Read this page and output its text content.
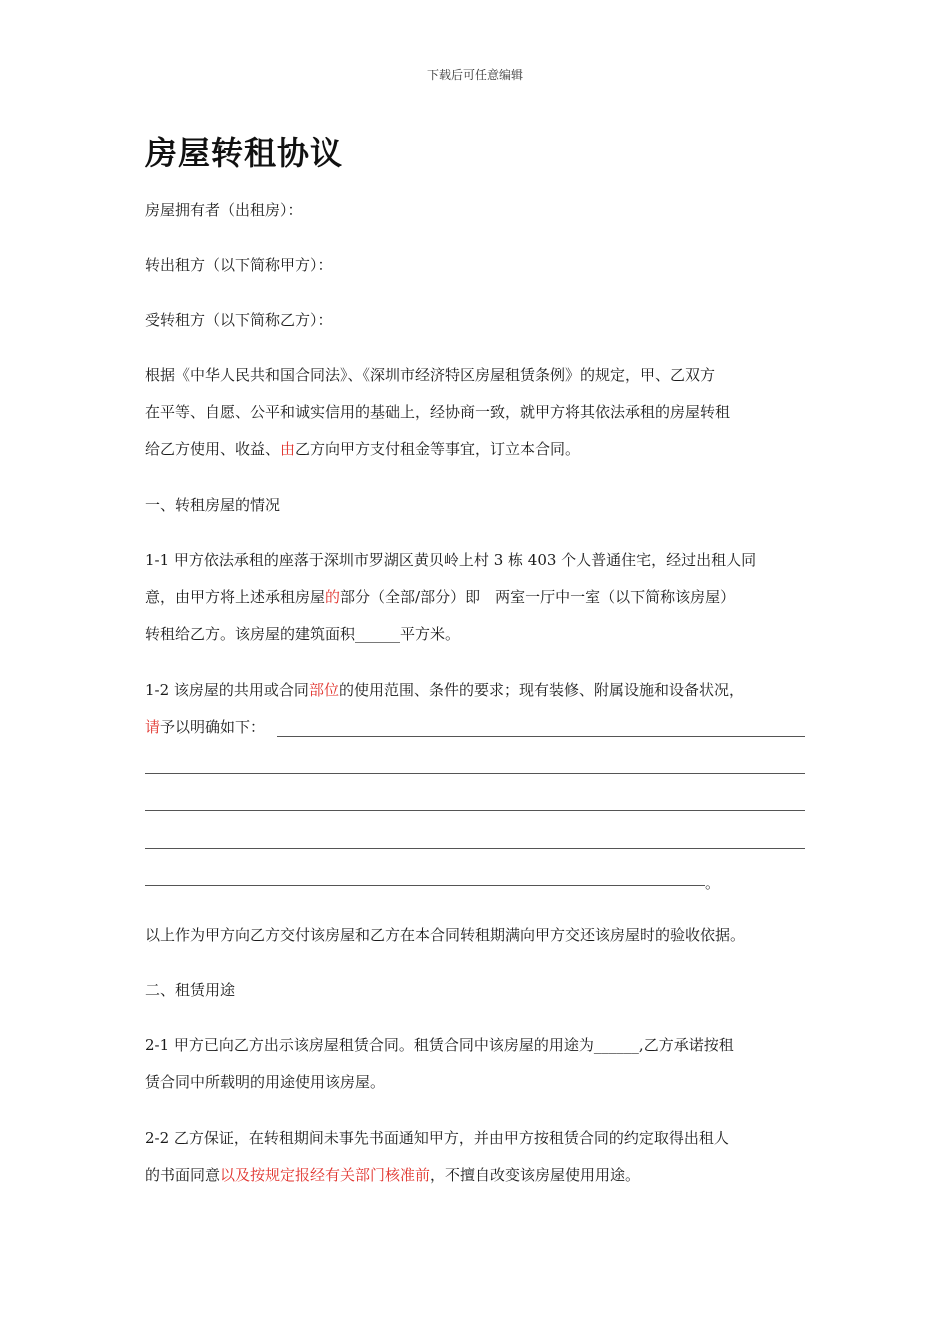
下载后可任意编辑
房屋转租协议
房屋拥有者（出租房）：
转出租方（以下简称甲方）：
受转租方（以下简称乙方）：
根据《中华人民共和国合同法》、《深圳市经济特区房屋租赁条例》的规定，甲、乙双方
在平等、自愿、公平和诚实信用的基础上，经协商一致，就甲方将其依法承租的房屋转租
给乙方使用、收益、由乙方向甲方支付租金等事宜，订立本合同。
一、转租房屋的情况
1-1 甲方依法承租的座落于深圳市罗湖区黄贝岭上村 3 栋 403 个人普通住宅，经过出租人同
意，由甲方将上述承租房屋的部分（全部/部分）即　两室一厅中一室（以下简称该房屋）
转租给乙方。该房屋的建筑面积______平方米。
1-2 该房屋的共用或合同部位的使用范围、条件的要求；现有装修、附属设施和设备状况，
请予以明确如下：
。
以上作为甲方向乙方交付该房屋和乙方在本合同转租期满向甲方交还该房屋时的验收依据。
二、租赁用途
2-1 甲方已向乙方出示该房屋租赁合同。租赁合同中该房屋的用途为______,乙方承诺按租
赁合同中所载明的用途使用该房屋。
2-2 乙方保证，在转租期间未事先书面通知甲方，并由甲方按租赁合同的约定取得出租人
的书面同意以及按规定报经有关部门核准前，不擅自改变该房屋使用用途。
